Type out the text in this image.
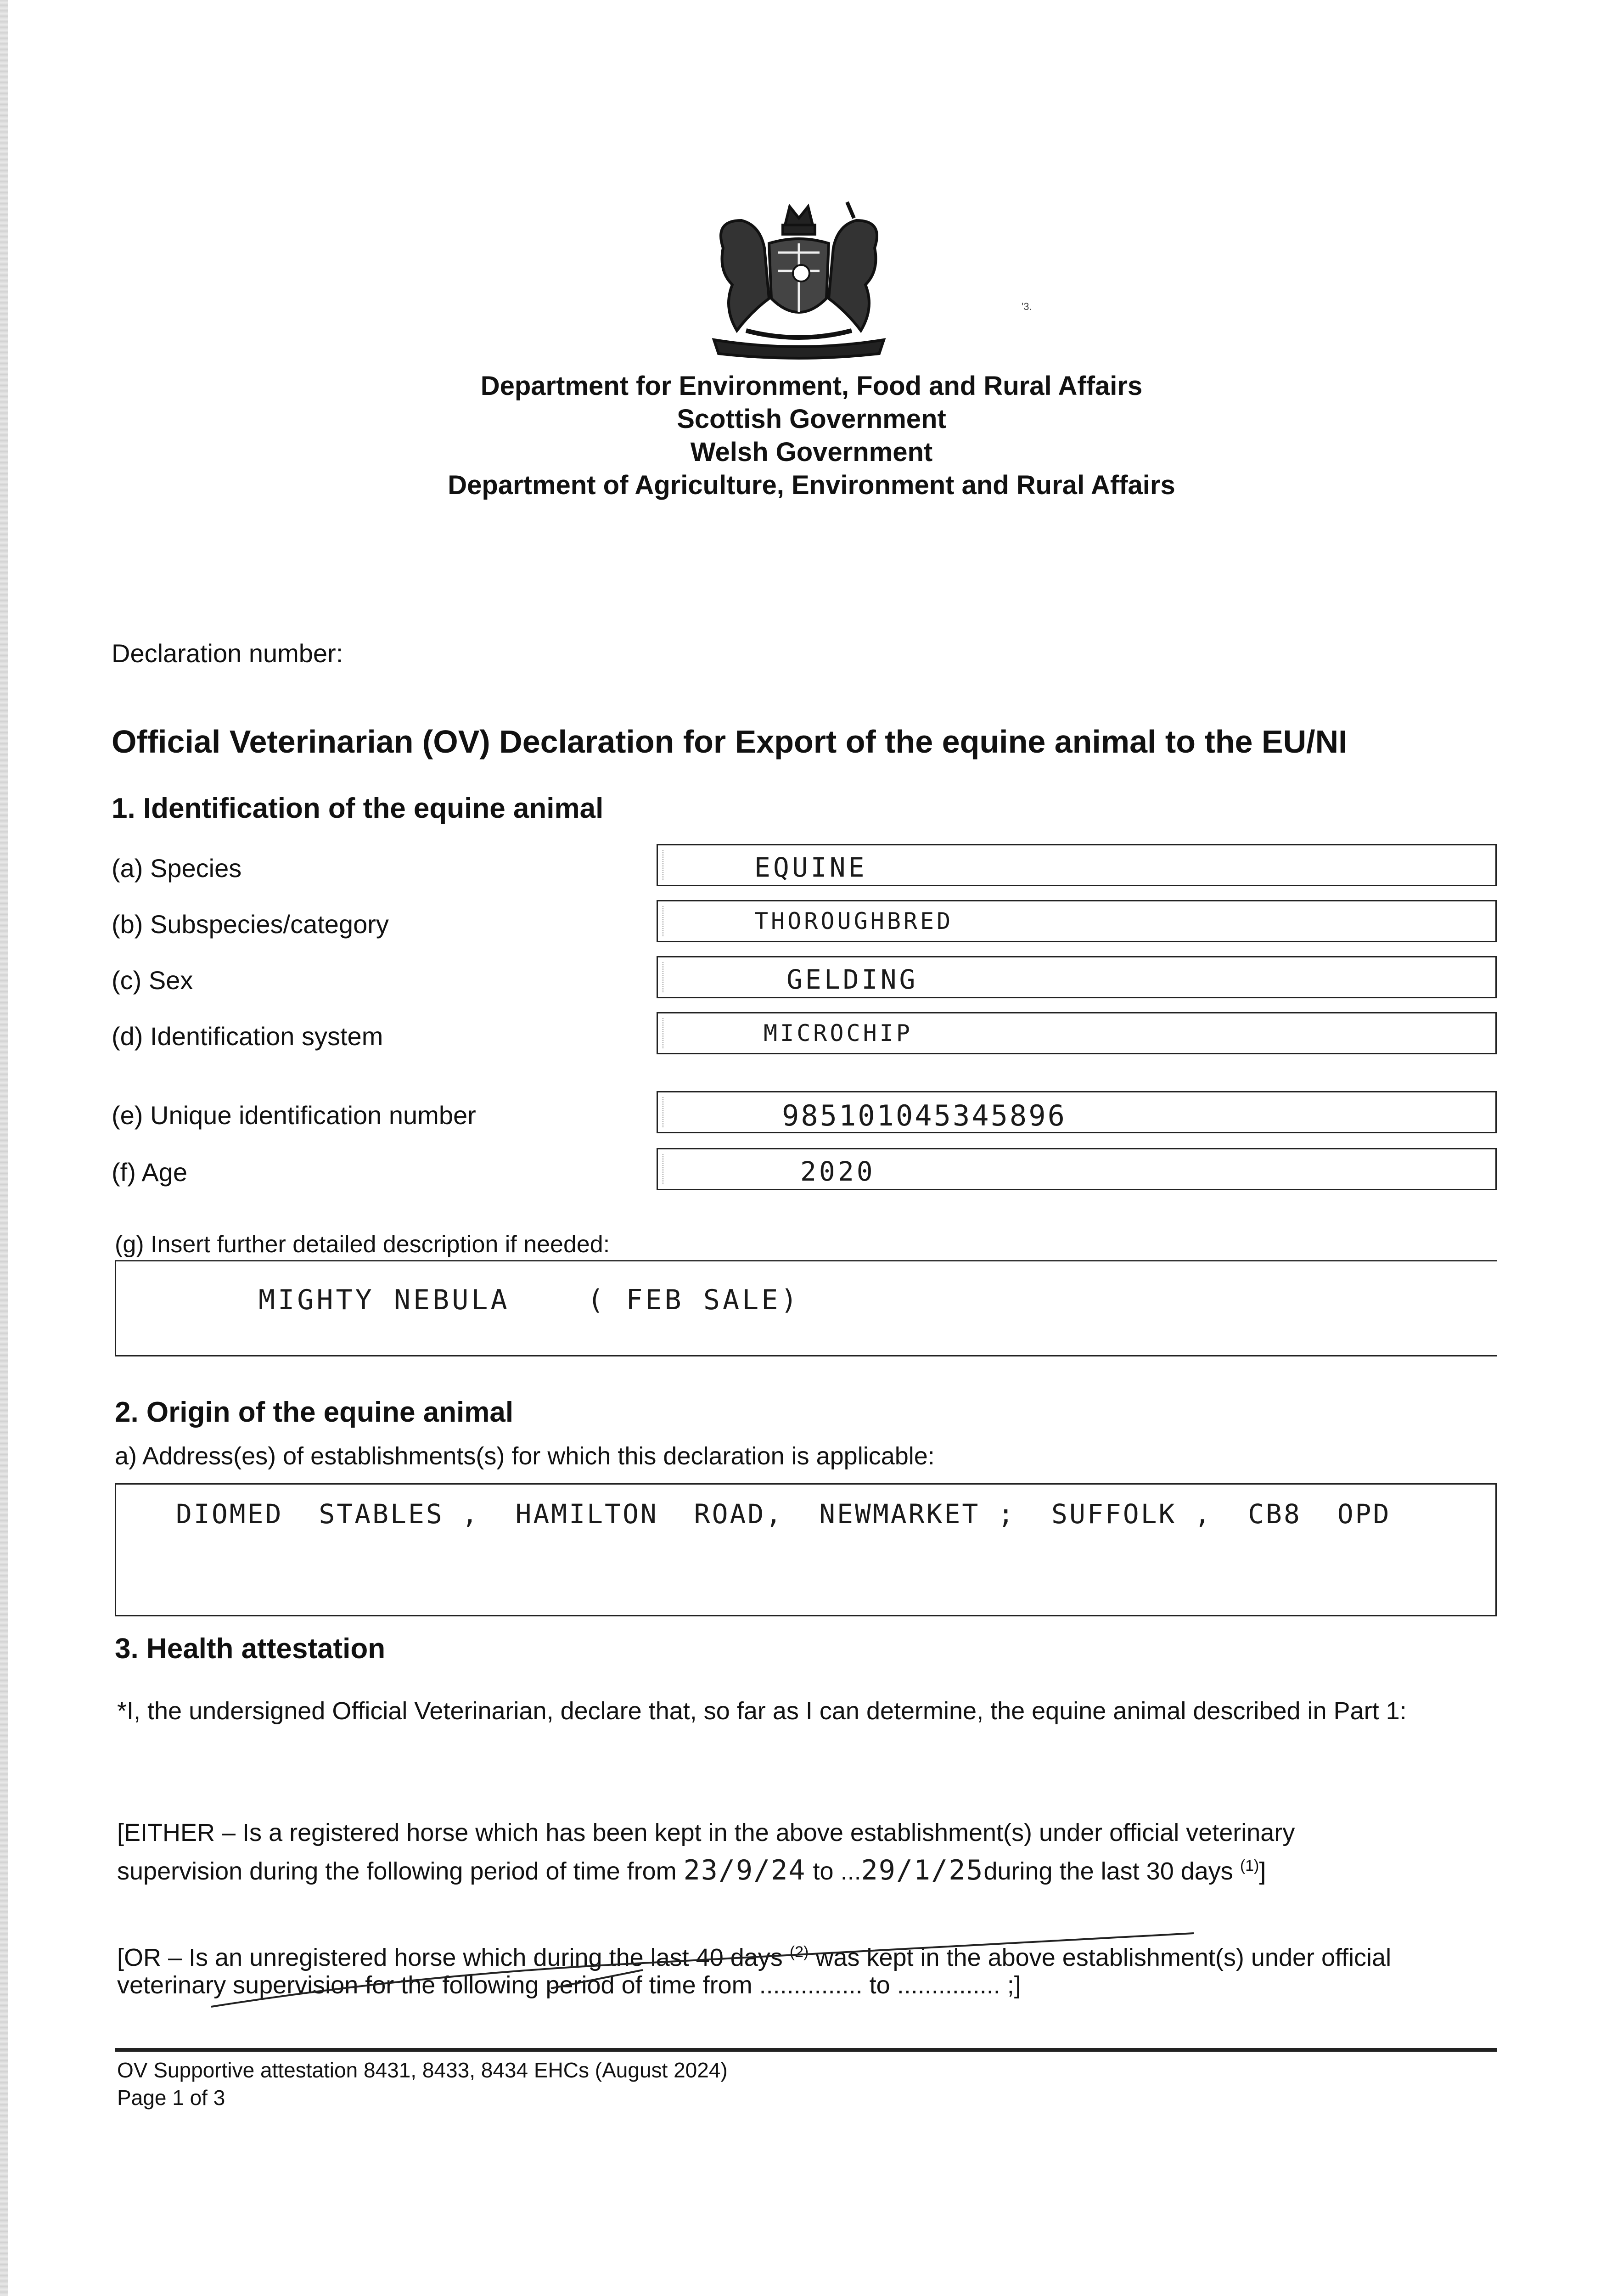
'3.
Department for Environment, Food and Rural Affairs
Scottish Government
Welsh Government
Department of Agriculture, Environment and Rural Affairs
Declaration number:
Official Veterinarian (OV) Declaration for Export of the equine animal to the EU/NI
1. Identification of the equine animal
(a) Species	EQUINE
(b) Subspecies/category	THOROUGHBRED
(c) Sex	GELDING
(d) Identification system	MICROCHIP
(e) Unique identification number	985101045345896
(f) Age	2020
(g) Insert further detailed description if needed:
MIGHTY NEBULA    ( FEB SALE)
2. Origin of the equine animal
a) Address(es) of establishments(s) for which this declaration is applicable:
DIOMED  STABLES ,  HAMILTON  ROAD,  NEWMARKET ;  SUFFOLK ,  CB8  OPD
3. Health attestation
*I, the undersigned Official Veterinarian, declare that, so far as I can determine, the equine animal described in Part 1:
[EITHER – Is a registered horse which has been kept in the above establishment(s) under official veterinary
supervision during the following period of time from 23/9/24 to ...29/1/25during the last 30 days $^{(1)}$]
[OR – Is an unregistered horse which during the last 40 days $^{(2)}$ was kept in the above establishment(s) under official
veterinary supervision for the following period of time from ............... to ............... ;]
OV Supportive attestation 8431, 8433, 8434 EHCs (August 2024)
Page 1 of 3
